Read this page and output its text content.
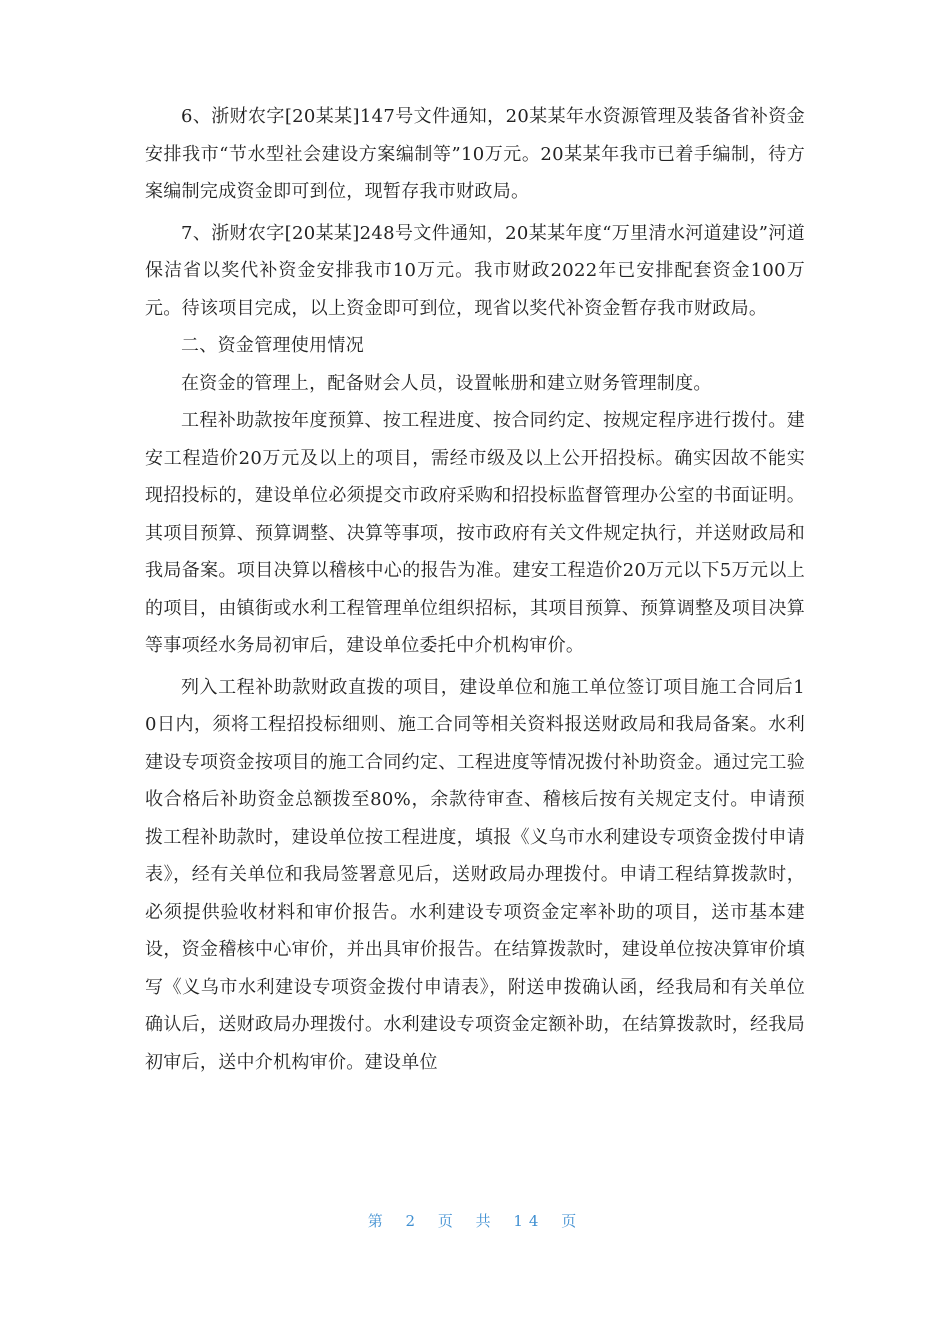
6、浙财农字[20某某]147号文件通知，20某某年水资源管理及装备省补资金安排我市“节水型社会建设方案编制等”10万元。20某某年我市已着手编制，待方案编制完成资金即可到位，现暂存我市财政局。

7、浙财农字[20某某]248号文件通知，20某某年度“万里清水河道建设”河道保洁省以奖代补资金安排我市10万元。我市财政2022年已安排配套资金100万元。待该项目完成，以上资金即可到位，现省以奖代补资金暂存我市财政局。

二、资金管理使用情况

在资金的管理上，配备财会人员，设置帐册和建立财务管理制度。

工程补助款按年度预算、按工程进度、按合同约定、按规定程序进行拨付。建安工程造价20万元及以上的项目，需经市级及以上公开招投标。确实因故不能实现招投标的，建设单位必须提交市政府采购和招投标监督管理办公室的书面证明。其项目预算、预算调整、决算等事项，按市政府有关文件规定执行，并送财政局和我局备案。项目决算以稽核中心的报告为准。建安工程造价20万元以下5万元以上的项目，由镇街或水利工程管理单位组织招标，其项目预算、预算调整及项目决算等事项经水务局初审后，建设单位委托中介机构审价。

列入工程补助款财政直拨的项目，建设单位和施工单位签订项目施工合同后10日内，须将工程招投标细则、施工合同等相关资料报送财政局和我局备案。水利建设专项资金按项目的施工合同约定、工程进度等情况拨付补助资金。通过完工验收合格后补助资金总额拨至80%，余款待审查、稽核后按有关规定支付。申请预拨工程补助款时，建设单位按工程进度，填报《义乌市水利建设专项资金拨付申请表》，经有关单位和我局签署意见后，送财政局办理拨付。申请工程结算拨款时，必须提供验收材料和审价报告。水利建设专项资金定率补助的项目，送市基本建设，资金稽核中心审价，并出具审价报告。在结算拨款时，建设单位按决算审价填写《义乌市水利建设专项资金拨付申请表》，附送申拨确认函，经我局和有关单位确认后，送财政局办理拨付。水利建设专项资金定额补助，在结算拨款时，经我局初审后，送中介机构审价。建设单位

第 2 页 共 14 页
